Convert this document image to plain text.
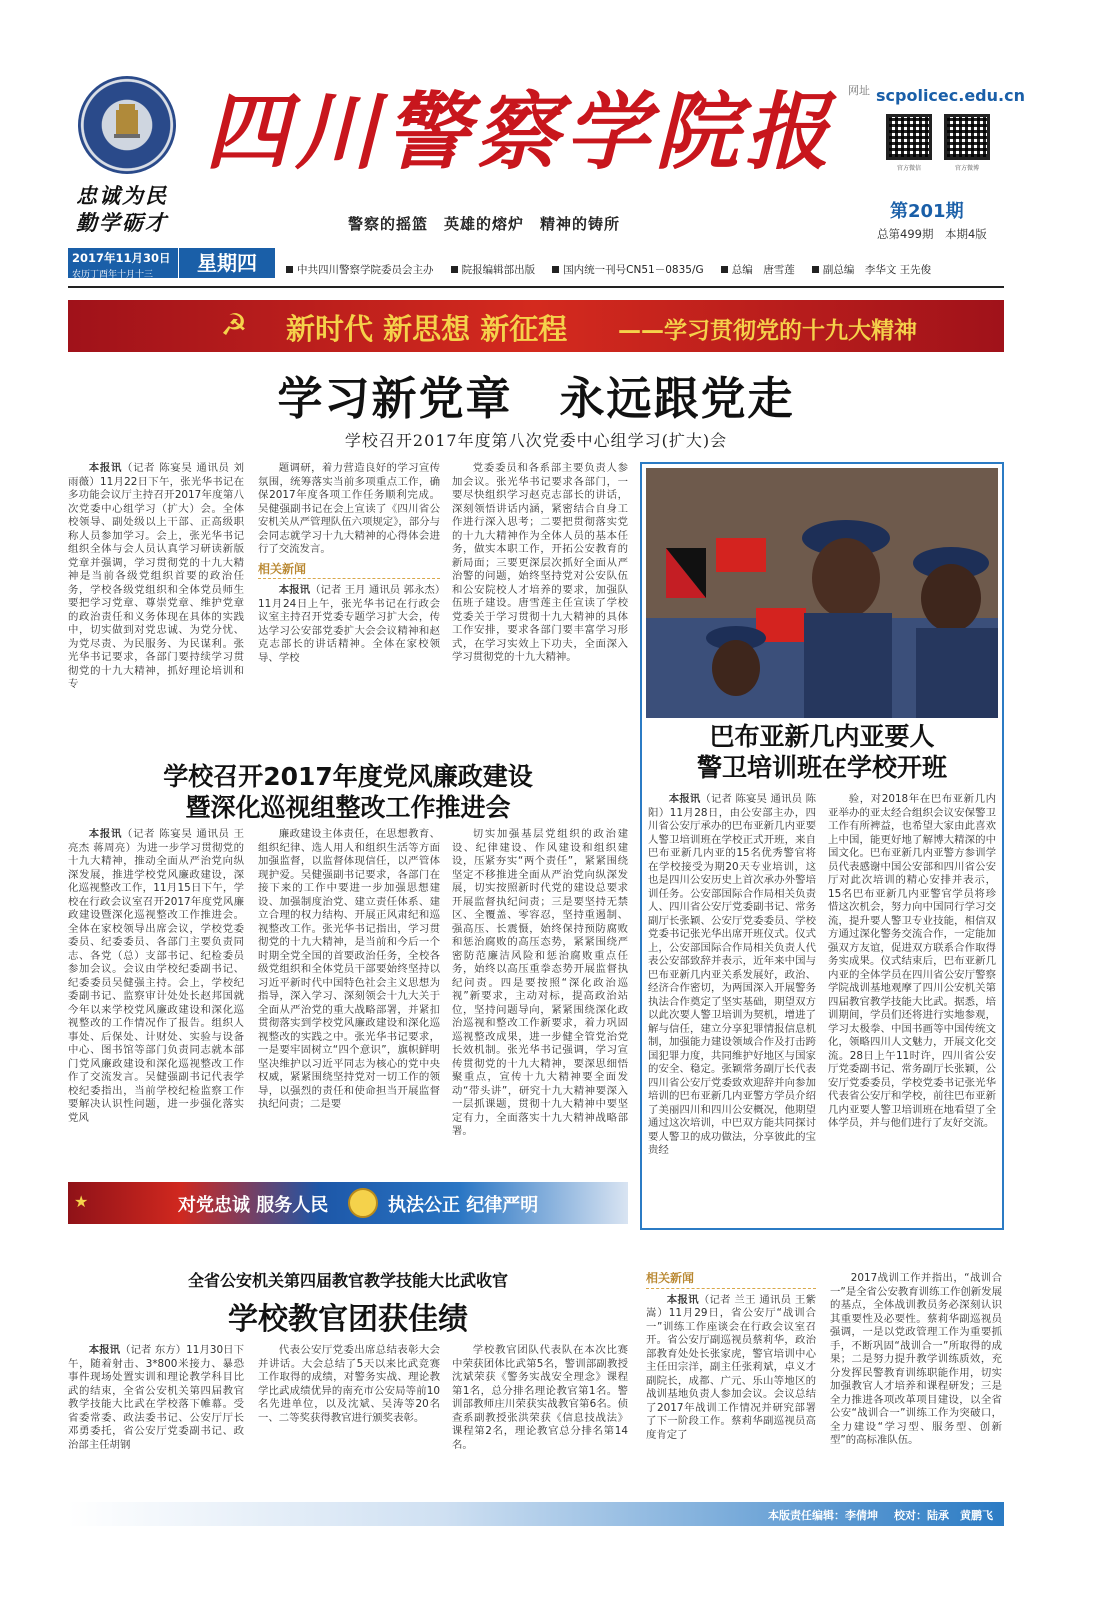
忠诚为民
勤学砺才
四川警察学院报
警察的摇篮　英雄的熔炉　精神的铸所
网址 scpolicec.edu.cn
官方微信	官方微博
第201期
总第499期　本期4版
2017年11月30日
农历丁酉年十月十三	星期四	中共四川警察学院委员会主办
	院报编辑部出版
	国内统一刊号CN51－0835/G
	总编　唐雪莲
	副总编　李华文 王先俊
☭ 新时代 新思想 新征程 ——学习贯彻党的十九大精神
学习新党章　永远跟党走
学校召开2017年度第八次党委中心组学习(扩大)会

本报讯（记者 陈宴昊 通讯员 刘雨薇）11月22日下午，张光华书记在多功能会议厅主持召开2017年度第八次党委中心组学习（扩大）会。全体校领导、副处级以上干部、正高级职称人员参加学习。会上，张光华书记组织全体与会人员认真学习研读新版党章并强调，学习贯彻党的十九大精神是当前各级党组织首要的政治任务，学校各级党组织和全体党员师生要把学习党章、尊崇党章、维护党章的政治责任和义务体现在具体的实践中，切实做到对党忠诚、为党分忧、为党尽责、为民服务、为民谋利。张光华书记要求，各部门要持续学习贯彻党的十九大精神，抓好理论培训和专

题调研，着力营造良好的学习宣传氛围，统筹落实当前多项重点工作，确保2017年度各项工作任务顺利完成。吴健强副书记在会上宣读了《四川省公安机关从严管理队伍六项规定》，部分与会同志就学习十九大精神的心得体会进行了交流发言。

相关新闻

本报讯（记者 王月 通讯员 郭永杰）11月24日上午，张光华书记在行政会议室主持召开党委专题学习扩大会，传达学习公安部党委扩大会会议精神和赵克志部长的讲话精神。全体在家校领导、学校

党委委员和各系部主要负责人参加会议。张光华书记要求各部门，一要尽快组织学习赵克志部长的讲话，深刻领悟讲话内涵，紧密结合自身工作进行深入思考；二要把贯彻落实党的十九大精神作为全体人员的基本任务，做实本职工作，开拓公安教育的新局面；三要更深层次抓好全面从严治警的问题，始终坚持党对公安队伍和公安院校人才培养的要求，加强队伍班子建设。唐雪莲主任宣读了学校党委关于学习贯彻十九大精神的具体工作安排，要求各部门要丰富学习形式，在学习实效上下功夫，全面深入学习贯彻党的十九大精神。

巴布亚新几内亚要人
警卫培训班在学校开班

本报讯（记者 陈宴昊 通讯员 陈阳）11月28日，由公安部主办，四川省公安厅承办的巴布亚新几内亚要人警卫培训班在学校正式开班，来自巴布亚新几内亚的15名优秀警官将在学校接受为期20天专业培训，这也是四川公安历史上首次承办外警培训任务。公安部国际合作局相关负责人、四川省公安厅党委副书记、常务副厅长张颖、公安厅党委委员、学校党委书记张光华出席开班仪式。仪式上，公安部国际合作局相关负责人代表公安部致辞并表示，近年来中国与巴布亚新几内亚关系发展好，政治、经济合作密切，为两国深入开展警务执法合作奠定了坚实基础，期望双方以此次要人警卫培训为契机，增进了解与信任，建立分享犯罪情报信息机制，加强能力建设领域合作及打击跨国犯罪力度，共同维护好地区与国家的安全、稳定。张颖常务副厅长代表四川省公安厅党委致欢迎辞并向参加培训的巴布亚新几内亚警方学员介绍了美丽四川和四川公安概况，他期望通过这次培训，中巴双方能共同探讨要人警卫的成功做法，分享彼此的宝贵经

验，对2018年在巴布亚新几内亚举办的亚太经合组织会议安保警卫工作有所裨益，也希望大家由此喜欢上中国，能更好地了解博大精深的中国文化。巴布亚新几内亚警方参训学员代表感谢中国公安部和四川省公安厅对此次培训的精心安排并表示，15名巴布亚新几内亚警官学员将珍惜这次机会，努力向中国同行学习交流，提升要人警卫专业技能，相信双方通过深化警务交流合作，一定能加强双方友谊，促进双方联系合作取得务实成果。仪式结束后，巴布亚新几内亚的全体学员在四川省公安厅警察学院战训基地观摩了四川公安机关第四届教官教学技能大比武。据悉，培训期间，学员们还将进行实地参观，学习太极拳、中国书画等中国传统文化，领略四川人文魅力，开展文化交流。28日上午11时许，四川省公安厅党委副书记、常务副厅长张颖，公安厅党委委员，学校党委书记张光华代表省公安厅和学校，前往巴布亚新几内亚要人警卫培训班在地看望了全体学员，并与他们进行了友好交流。

学校召开2017年度党风廉政建设
暨深化巡视组整改工作推进会

本报讯（记者 陈宴昊 通讯员 王亮杰 蒋周亮）为进一步学习贯彻党的十九大精神，推动全面从严治党向纵深发展，推进学校党风廉政建设，深化巡视整改工作，11月15日下午，学校在行政会议室召开2017年度党风廉政建设暨深化巡视整改工作推进会。全体在家校领导出席会议，学校党委委员、纪委委员、各部门主要负责同志、各党（总）支部书记、纪检委员参加会议。会议由学校纪委副书记、纪委委员吴健强主持。会上，学校纪委副书记、监察审计处处长赵邦国就今年以来学校党风廉政建设和深化巡视整改的工作情况作了报告。组织人事处、后保处、计财处、实验与设备中心、图书馆等部门负责同志就本部门党风廉政建设和深化巡视整改工作作了交流发言。吴健强副书记代表学校纪委指出，当前学校纪检监察工作要解决认识性问题，进一步强化落实党风

廉政建设主体责任，在思想教育、组织纪律、选人用人和组织生活等方面加强监督，以监督体现信任，以严管体现护爱。吴健强副书记要求，各部门在接下来的工作中要进一步加强思想建设、加强制度治党、建立责任体系、建立合理的权力结构、开展正风肃纪和巡视整改工作。张光华书记指出，学习贯彻党的十九大精神，是当前和今后一个时期全党全国的首要政治任务，全校各级党组织和全体党员干部要始终坚持以习近平新时代中国特色社会主义思想为指导，深入学习、深刻领会十九大关于全面从严治党的重大战略部署，并紧扣贯彻落实到学校党风廉政建设和深化巡视整改的实践之中。张光华书记要求，一是要牢固树立“四个意识”，旗帜鲜明坚决维护以习近平同志为核心的党中央权威，紧紧围绕坚持党对一切工作的领导，以强烈的责任和使命担当开展监督执纪问责；二是要

切实加强基层党组织的政治建设、纪律建设、作风建设和组织建设，压紧夯实“两个责任”，紧紧围绕坚定不移推进全面从严治党向纵深发展，切实按照新时代党的建设总要求开展监督执纪问责；三是要坚持无禁区、全覆盖、零容忍，坚持重遏制、强高压、长震慑，始终保持预防腐败和惩治腐败的高压态势，紧紧围绕严密防范廉洁风险和惩治腐败重点任务，始终以高压重拳态势开展监督执纪问责。四是要按照“深化政治巡视”新要求，主动对标，提高政治站位，坚持问题导向，紧紧围绕深化政治巡视和整改工作新要求，着力巩固巡视整改成果，进一步健全管党治党长效机制。张光华书记强调，学习宣传贯彻党的十九大精神，要深思细悟聚重点，宣传十九大精神要全面发动“带头讲”，研究十九大精神要深入一层抓课题，贯彻十九大精神中要坚定有力，全面落实十九大精神战略部署。

★	对党忠诚 服务人民	执法公正 纪律严明
全省公安机关第四届教官教学技能大比武收官
学校教官团获佳绩

本报讯（记者 东方）11月30日下午，随着射击、3*800米接力、暴恐事件现场处置实训和理论教学科目比武的结束，全省公安机关第四届教官教学技能大比武在学校落下帷幕。受省委常委、政法委书记、公安厅厅长邓勇委托，省公安厅党委副书记、政治部主任胡钢

代表公安厅党委出席总结表彰大会并讲话。大会总结了5天以来比武竞赛工作取得的成绩，对警务实战、理论教学比武成绩优异的南充市公安局等前10名先进单位，以及沈斌、吴涛等20名一、二等奖获得教官进行颁奖表彰。

学校教官团队代表队在本次比赛中荣获团体比武第5名，警训部副教授沈斌荣获《警务实战安全理念》课程第1名，总分排名理论教官第1名。警训部教师庄川荣获实战教官第6名。侦查系副教授张洪荣获《信息技战法》课程第2名，理论教官总分排名第14名。

相关新闻

本报讯（记者 兰王 通讯员 王紫嵩）11月29日，省公安厅“战训合一”训练工作座谈会在行政会议室召开。省公安厅副巡视员蔡莉华，政治部教育处处长张家虎，警官培训中心主任田宗洋，副主任张莉斌，卓义才副院长，成都、广元、乐山等地区的战训基地负责人参加会议。会议总结了2017年战训工作情况并研究部署了下一阶段工作。蔡莉华副巡视员高度肯定了

2017战训工作并指出，“战训合一”是全省公安教育训练工作创新发展的基点，全体战训教员务必深刻认识其重要性及必要性。蔡莉华副巡视员强调，一是以党政管理工作为重要抓手，不断巩固“战训合一”所取得的成果；二是努力提升教学训练质效，充分发挥民警教育训练职能作用，切实加强教官人才培养和课程研发；三是全力推进各项改革项目建设，以全省公安“战训合一”训练工作为突破口，全力建设“学习型、服务型、创新型”的高标准队伍。

本版责任编辑：李倩坤 校对：陆承　黄鹏飞
